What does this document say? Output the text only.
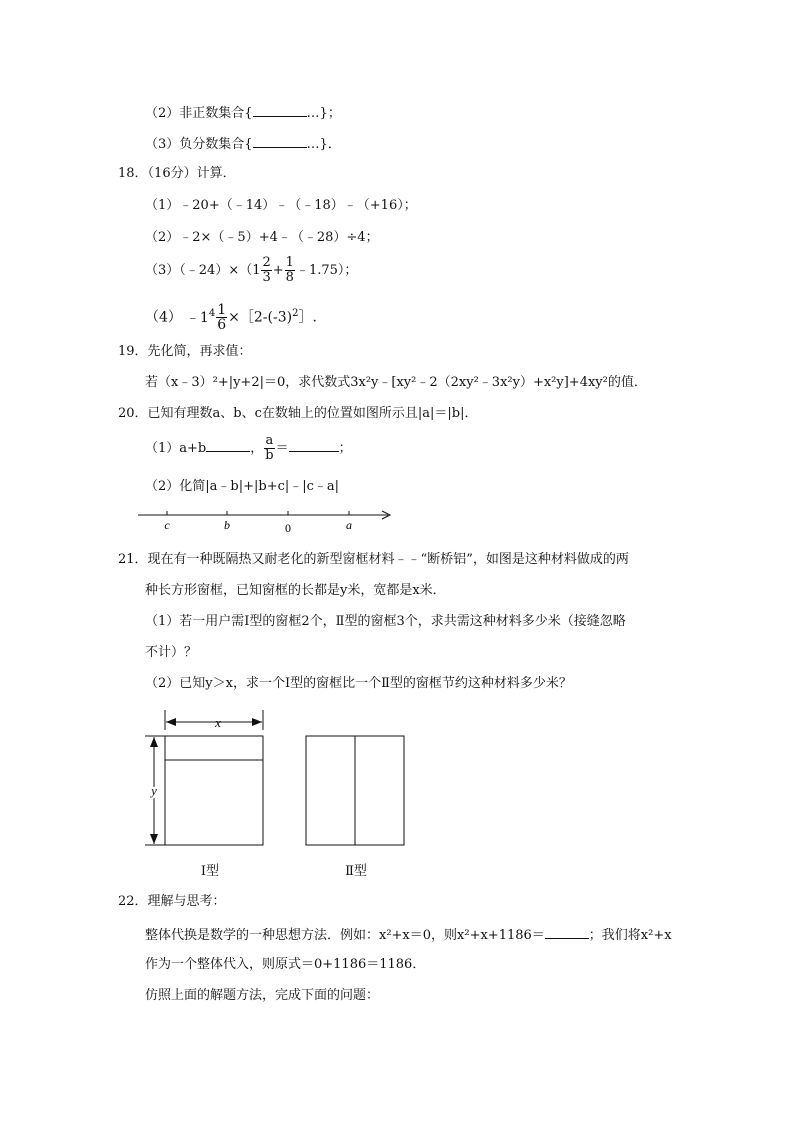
（2）非正数集合{	…}；
（3）负分数集合{	…}．
18．（16分）计算．
（1）﹣20+（﹣14）﹣（﹣18）﹣（+16）；
（2）﹣2×（﹣5）+4﹣（﹣28）÷4；
（3）（﹣24）×（1 $\frac{2}{3} + \frac{1}{8}$ ﹣1.75）；
（4） $﹣1^4 \frac{1}{6}$ $\times[2-(-3)^2]$.
19．先化简，再求值：
若（x﹣3）²+|y+2|＝0，求代数式3x²y﹣[xy²﹣2（2xy²﹣3x²y）+x²y]+4xy²的值．
20．已知有理数a、b、c在数轴上的位置如图所示且|a|＝|b|．
（1）a+b	， $\frac{a}{b}$ ＝	；
（2）化简|a﹣b|+|b+c|﹣|c﹣a|
c	b	0	a
21．现在有一种既隔热又耐老化的新型窗框材料﹣﹣“断桥铝”，如图是这种材料做成的两
种长方形窗框，已知窗框的长都是y米，宽都是x米．
（1）若一用户需Ⅰ型的窗框2个，Ⅱ型的窗框3个，求共需这种材料多少米（接缝忽略
不计）？
（2）已知y＞x，求一个Ⅰ型的窗框比一个Ⅱ型的窗框节约这种材料多少米？
x
y
Ⅰ型	Ⅱ型
22．理解与思考：
整体代换是数学的一种思想方法．例如：x²+x＝0，则x²+x+1186＝	；我们将x²+x
作为一个整体代入，则原式＝0+1186＝1186．
仿照上面的解题方法，完成下面的问题：
